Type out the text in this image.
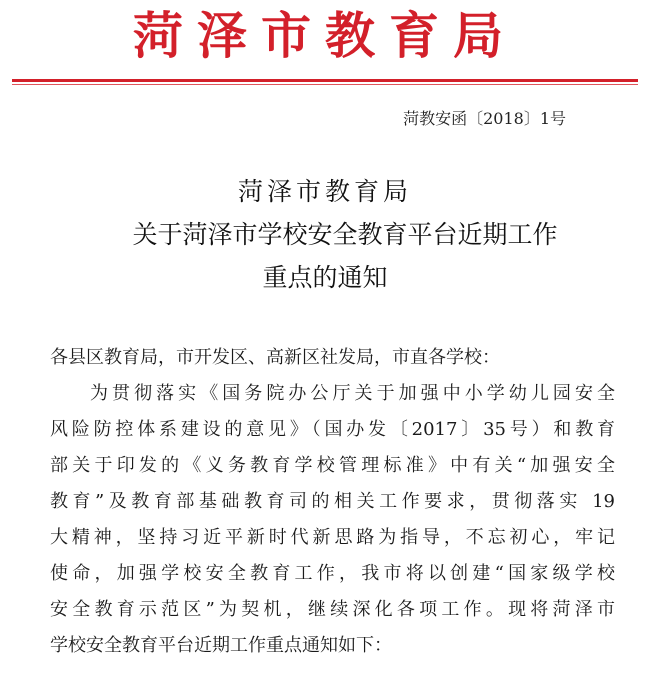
菏泽市教育局
菏教安函〔2018〕1号
菏泽市教育局
关于菏泽市学校安全教育平台近期工作
重点的通知

各县区教育局，市开发区、高新区社发局，市直各学校：

为贯彻落实《国务院办公厅关于加强中小学幼儿园安全

风险防控体系建设的意见》（国办发〔2017〕35号）和教育

部关于印发的《义务教育学校管理标准》中有关“加强安全

教育”及教育部基础教育司的相关工作要求，贯彻落实 19

大精神，坚持习近平新时代新思路为指导，不忘初心，牢记

使命，加强学校安全教育工作，我市将以创建“国家级学校

安全教育示范区”为契机，继续深化各项工作。现将菏泽市

学校安全教育平台近期工作重点通知如下：
